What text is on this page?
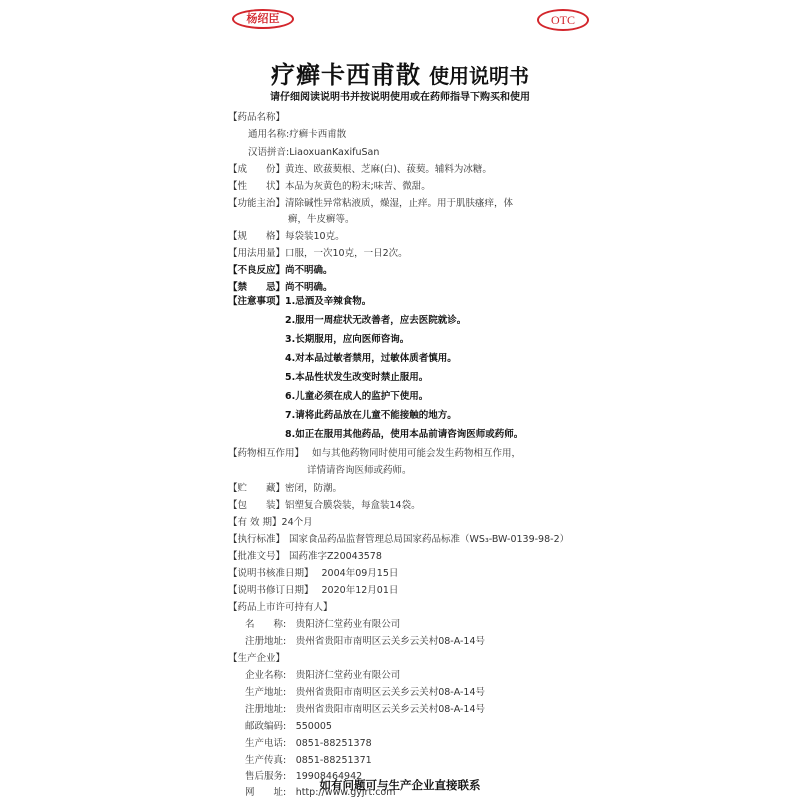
杨绍臣	OTC
疗癣卡西甫散 使用说明书
请仔细阅读说明书并按说明使用或在药师指导下购买和使用
【药品名称】
通用名称:疗癣卡西甫散
汉语拼音:LiaoxuanKaxifuSan
【成　　份】黄连、欧菝葜根、芝麻(白)、菝葜。辅料为冰糖。
【性　　状】本品为灰黄色的粉末;味苦、微甜。
【功能主治】清除碱性异常粘液质，燥湿，止痒。用于肌肤瘙痒，体
癣，牛皮癣等。
【规　　格】每袋装10克。
【用法用量】口服，一次10克，一日2次。
【不良反应】尚不明确。
【禁　　忌】尚不明确。
【注意事项】 1.忌酒及辛辣食物。
2.服用一周症状无改善者，应去医院就诊。
3.长期服用，应向医师咨询。
4.对本品过敏者禁用，过敏体质者慎用。
5.本品性状发生改变时禁止服用。
6.儿童必须在成人的监护下使用。
7.请将此药品放在儿童不能接触的地方。
8.如正在服用其他药品，使用本品前请咨询医师或药师。
【药物相互作用】 如与其他药物同时使用可能会发生药物相互作用，
详情请咨询医师或药师。
【贮　　藏】密闭，防潮。
【包　　装】铝塑复合膜袋装，每盒装14袋。
【有 效 期】24个月
【执行标准】 国家食品药品监督管理总局国家药品标准（WS₃-BW-0139-98-2）
【批准文号】 国药准字Z20043578
【说明书核准日期】 2004年09月15日
【说明书修订日期】 2020年12月01日
【药品上市许可持有人】
名　　称:　贵阳济仁堂药业有限公司
注册地址:　贵州省贵阳市南明区云关乡云关村08-A-14号
【生产企业】
企业名称:　贵阳济仁堂药业有限公司
生产地址:　贵州省贵阳市南明区云关乡云关村08-A-14号
注册地址:　贵州省贵阳市南明区云关乡云关村08-A-14号
邮政编码:　550005
生产电话:　0851-88251378
生产传真:　0851-88251371
售后服务:　19908464942
网　　址:　http://www.gyjrt.com
如有问题可与生产企业直接联系
